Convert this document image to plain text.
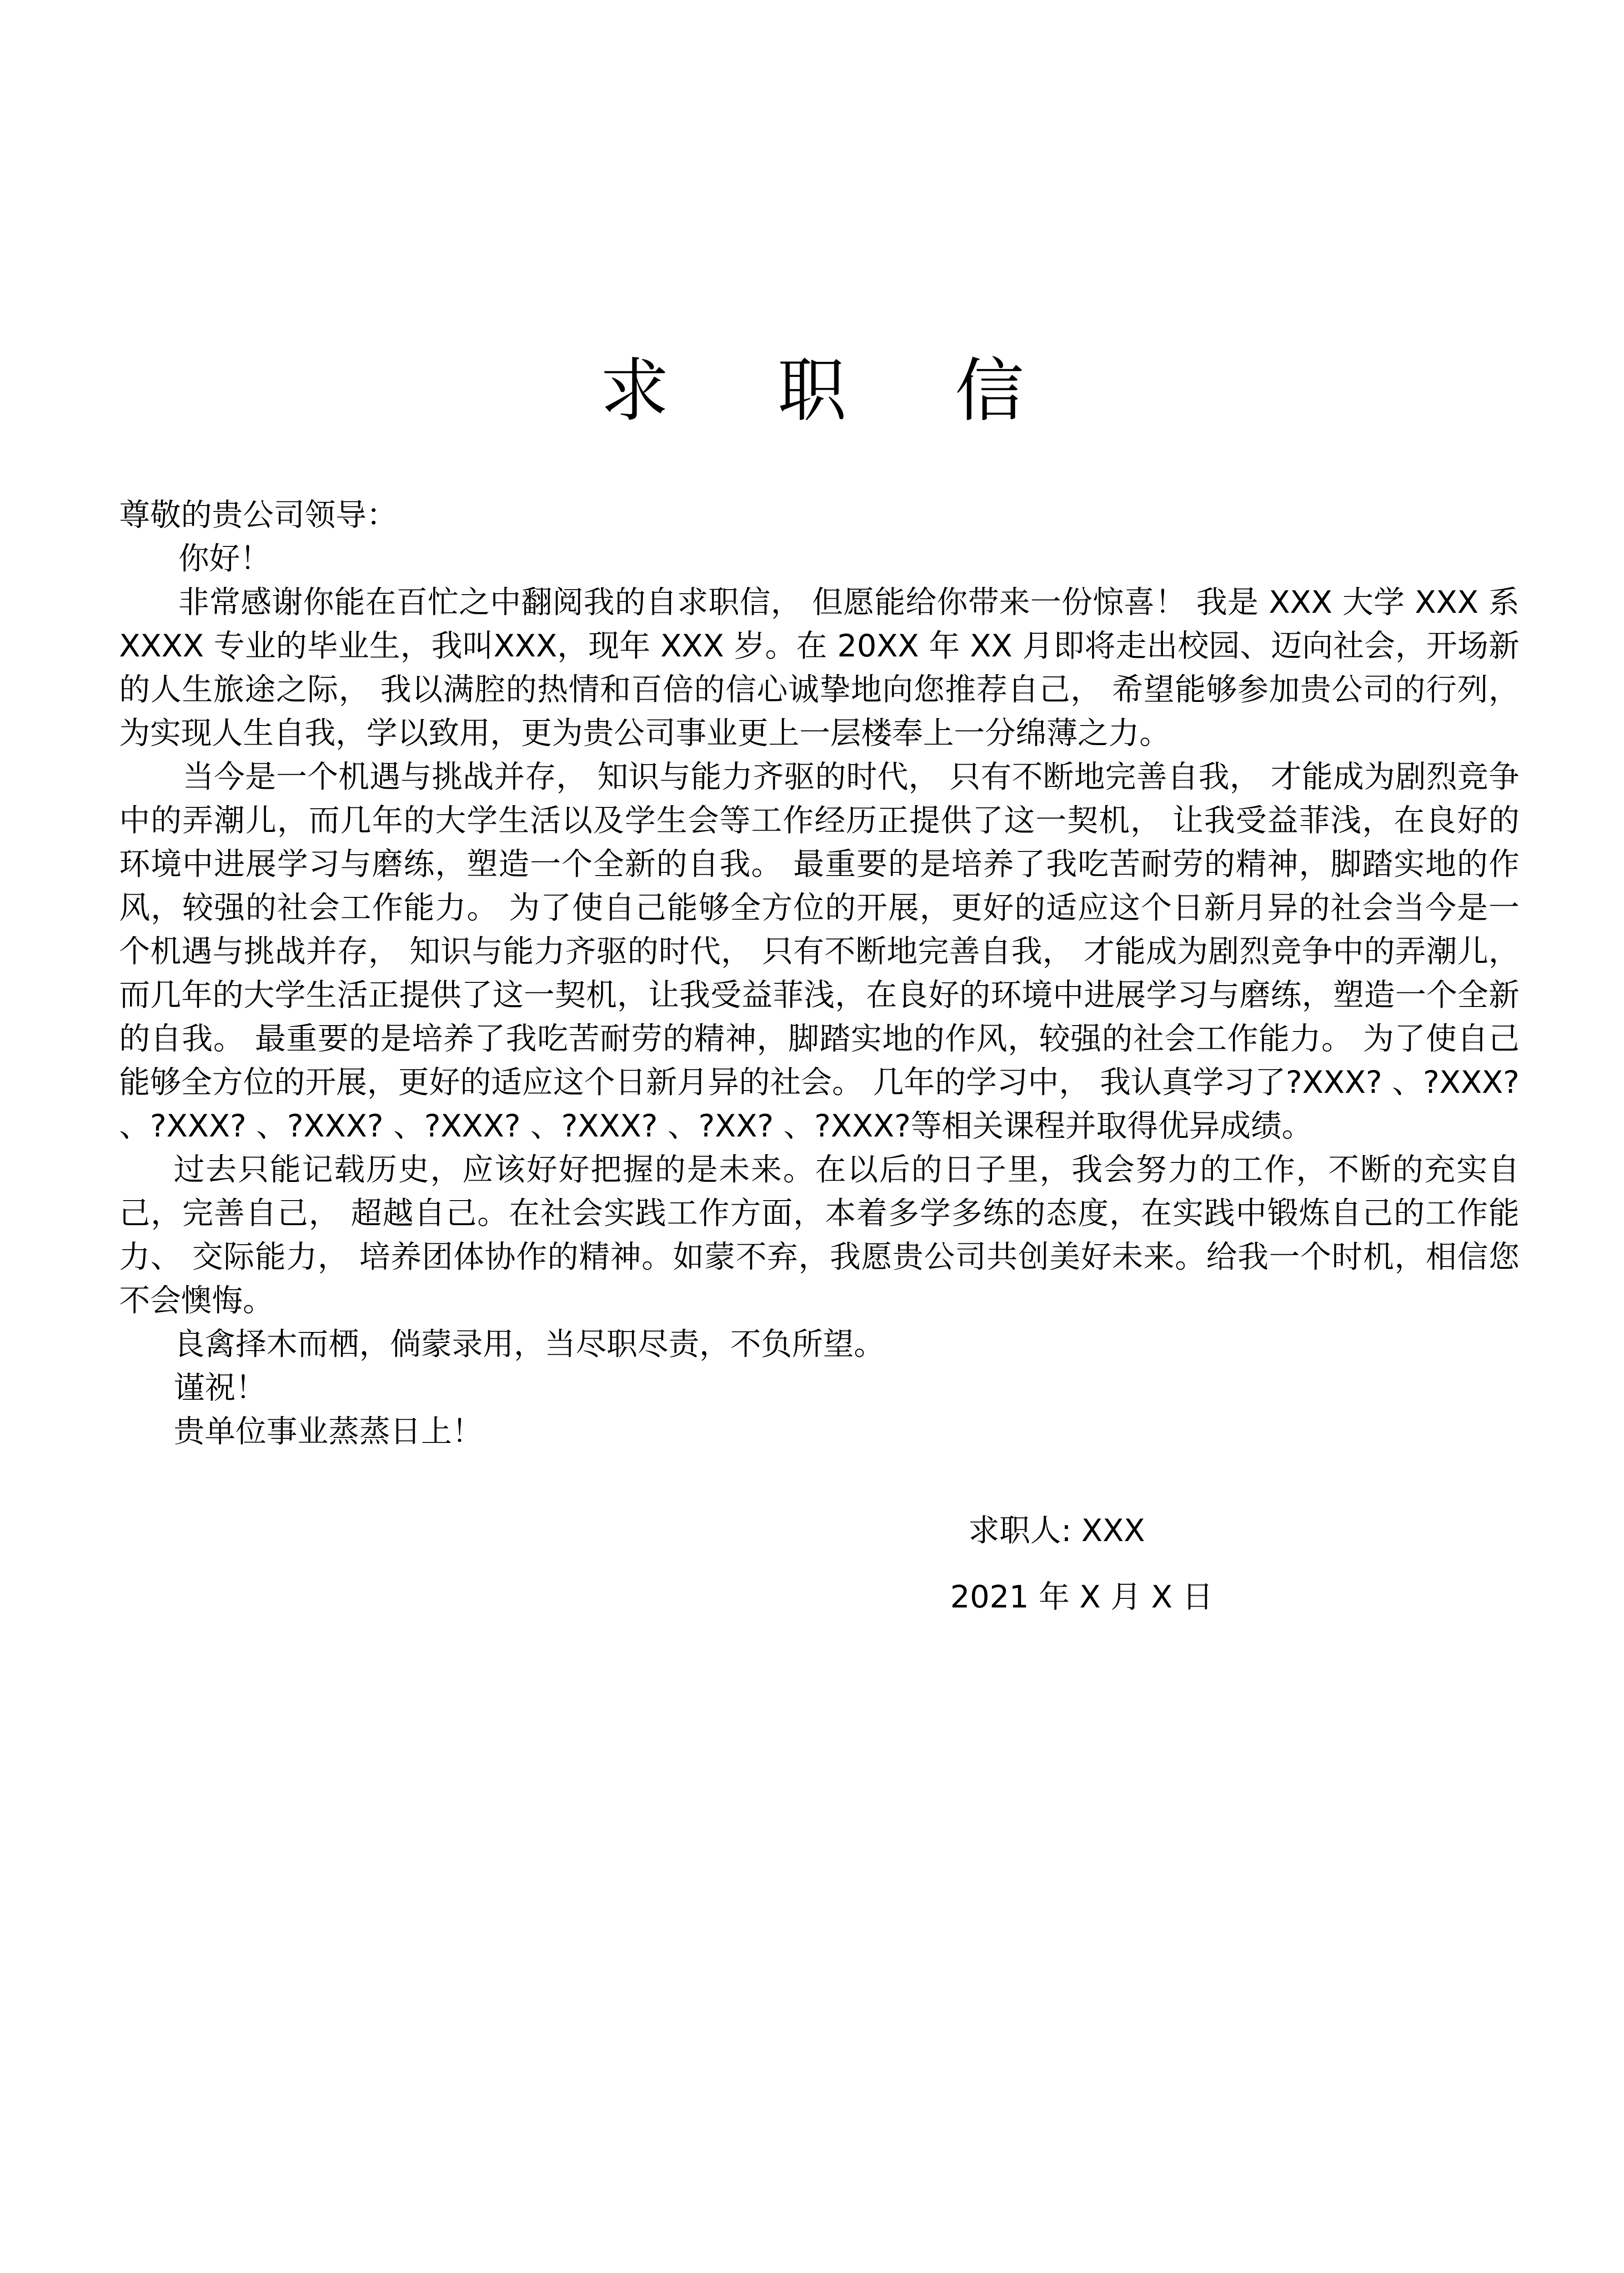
求 职 信

尊敬的贵公司领导：

你好！

非常感谢你能在百忙之中翻阅我的自求职信， 但愿能给你带来一份惊喜！ 我是 XXX 大学 XXX 系 XXXX 专业的毕业生，我叫XXX，现年 XXX 岁。在 20XX 年 XX 月即将走出校园、迈向社会，开场新的人生旅途之际， 我以满腔的热情和百倍的信心诚挚地向您推荐自己， 希望能够参加贵公司的行列，为实现人生自我，学以致用，更为贵公司事业更上一层楼奉上一分绵薄之力。

当今是一个机遇与挑战并存， 知识与能力齐驱的时代， 只有不断地完善自我， 才能成为剧烈竞争中的弄潮儿，而几年的大学生活以及学生会等工作经历正提供了这一契机， 让我受益菲浅，在良好的环境中进展学习与磨练，塑造一个全新的自我。 最重要的是培养了我吃苦耐劳的精神，脚踏实地的作风，较强的社会工作能力。 为了使自己能够全方位的开展，更好的适应这个日新月异的社会当今是一个机遇与挑战并存， 知识与能力齐驱的时代， 只有不断地完善自我， 才能成为剧烈竞争中的弄潮儿，而几年的大学生活正提供了这一契机，让我受益菲浅，在良好的环境中进展学习与磨练，塑造一个全新的自我。 最重要的是培养了我吃苦耐劳的精神，脚踏实地的作风，较强的社会工作能力。 为了使自己能够全方位的开展，更好的适应这个日新月异的社会。 几年的学习中， 我认真学习了?XXX? 、?XXX? 、?XXX? 、?XXX? 、?XXX? 、?XXX? 、?XX? 、?XXX?等相关课程并取得优异成绩。

过去只能记载历史，应该好好把握的是未来。在以后的日子里，我会努力的工作，不断的充实自己，完善自己， 超越自己。在社会实践工作方面，本着多学多练的态度，在实践中锻炼自己的工作能力、 交际能力， 培养团体协作的精神。如蒙不弃，我愿贵公司共创美好未来。给我一个时机，相信您不会懊悔。

良禽择木而栖，倘蒙录用，当尽职尽责，不负所望。

谨祝！

贵单位事业蒸蒸日上！

求职人: XXX

2021 年 X 月 X 日
